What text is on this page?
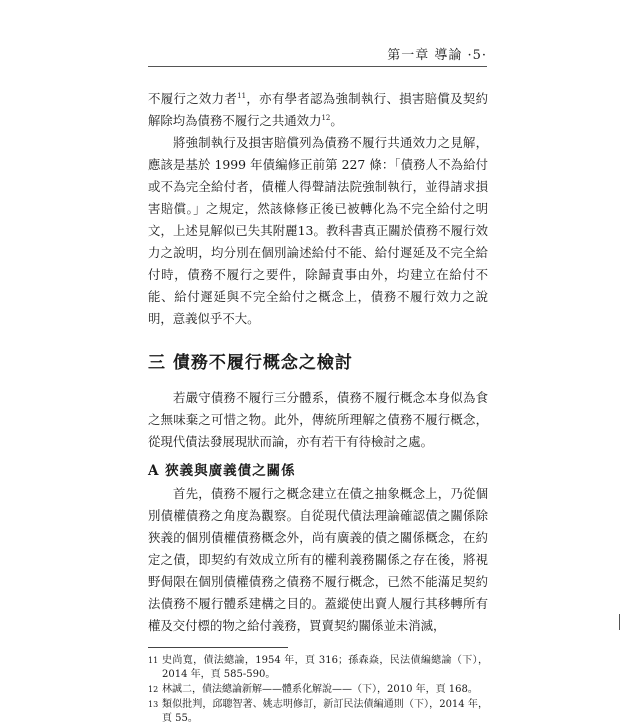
第一章 導論 ·5·

不履行之效力者$^{11}$，亦有學者認為強制執行、損害賠償及契約解除均為債務不履行之共通效力$^{12}$。

將強制執行及損害賠償列為債務不履行共通效力之見解，應該是基於 1999 年債編修正前第 227 條：「債務人不為給付或不為完全給付者，債權人得聲請法院強制執行，並得請求損害賠償。」之規定，然該條修正後已被轉化為不完全給付之明文，上述見解似已失其附麗13。教科書真正關於債務不履行效力之說明，均分別在個別論述給付不能、給付遲延及不完全給付時，債務不履行之要件，除歸責事由外，均建立在給付不能、給付遲延與不完全給付之概念上，債務不履行效力之說明，意義似乎不大。

三 債務不履行概念之檢討

若嚴守債務不履行三分體系，債務不履行概念本身似為食之無味棄之可惜之物。此外，傳統所理解之債務不履行概念，從現代債法發展現狀而論，亦有若干有待檢討之處。

A 狹義與廣義債之關係

首先，債務不履行之概念建立在債之抽象概念上，乃從個別債權債務之角度為觀察。自從現代債法理論確認債之關係除狹義的個別債權債務概念外，尚有廣義的債之關係概念，在約定之債，即契約有效成立所有的權利義務關係之存在後，將視野侷限在個別債權債務之債務不履行概念，已然不能滿足契約法債務不履行體系建構之目的。蓋縱使出賣人履行其移轉所有權及交付標的物之給付義務，買賣契約關係並未消滅，

11 史尚寬，債法總論，1954 年，頁 316；孫森焱，民法債編總論（下），2014 年，頁 585-590。
12 林誠二，債法總論新解——體系化解說——（下），2010 年，頁 168。
13 類似批判，邱聰智著、姚志明修訂，新訂民法債編通則（下），2014 年，頁 55。
